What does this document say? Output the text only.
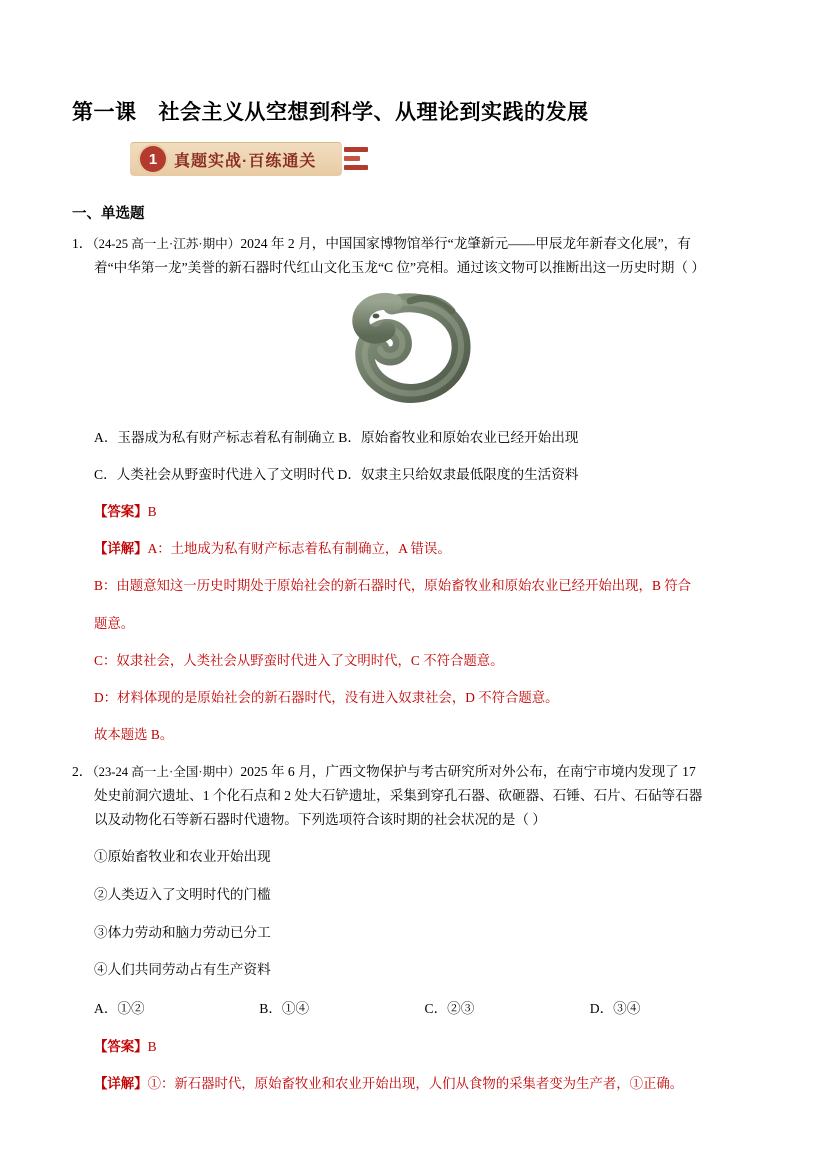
第一课 社会主义从空想到科学、从理论到实践的发展
1	真题实战·百练通关
一、单选题

1．（24-25 高一上·江苏·期中）2024 年 2 月，中国国家博物馆举行“龙肇新元——甲辰龙年新春文化展”，有

着“中华第一龙”美誉的新石器时代红山文化玉龙“C 位”亮相。通过该文物可以推断出这一历史时期（ ）

A．玉器成为私有财产标志着私有制确立 B．原始畜牧业和原始农业已经开始出现

C．人类社会从野蛮时代进入了文明时代 D．奴隶主只给奴隶最低限度的生活资料

【答案】B

【详解】A：土地成为私有财产标志着私有制确立，A 错误。

B：由题意知这一历史时期处于原始社会的新石器时代，原始畜牧业和原始农业已经开始出现，B 符合

题意。

C：奴隶社会，人类社会从野蛮时代进入了文明时代，C 不符合题意。

D：材料体现的是原始社会的新石器时代，没有进入奴隶社会，D 不符合题意。

故本题选 B。

2．（23-24 高一上·全国·期中）2025 年 6 月，广西文物保护与考古研究所对外公布，在南宁市境内发现了 17

处史前洞穴遗址、1 个化石点和 2 处大石铲遗址，采集到穿孔石器、砍砸器、石锤、石片、石砧等石器

以及动物化石等新石器时代遗物。下列选项符合该时期的社会状况的是（ ）

①原始畜牧业和农业开始出现

②人类迈入了文明时代的门槛

③体力劳动和脑力劳动已分工

④人们共同劳动占有生产资料

A．①②	B．①④	C．②③	D．③④

【答案】B

【详解】①：新石器时代，原始畜牧业和农业开始出现，人们从食物的采集者变为生产者，①正确。
